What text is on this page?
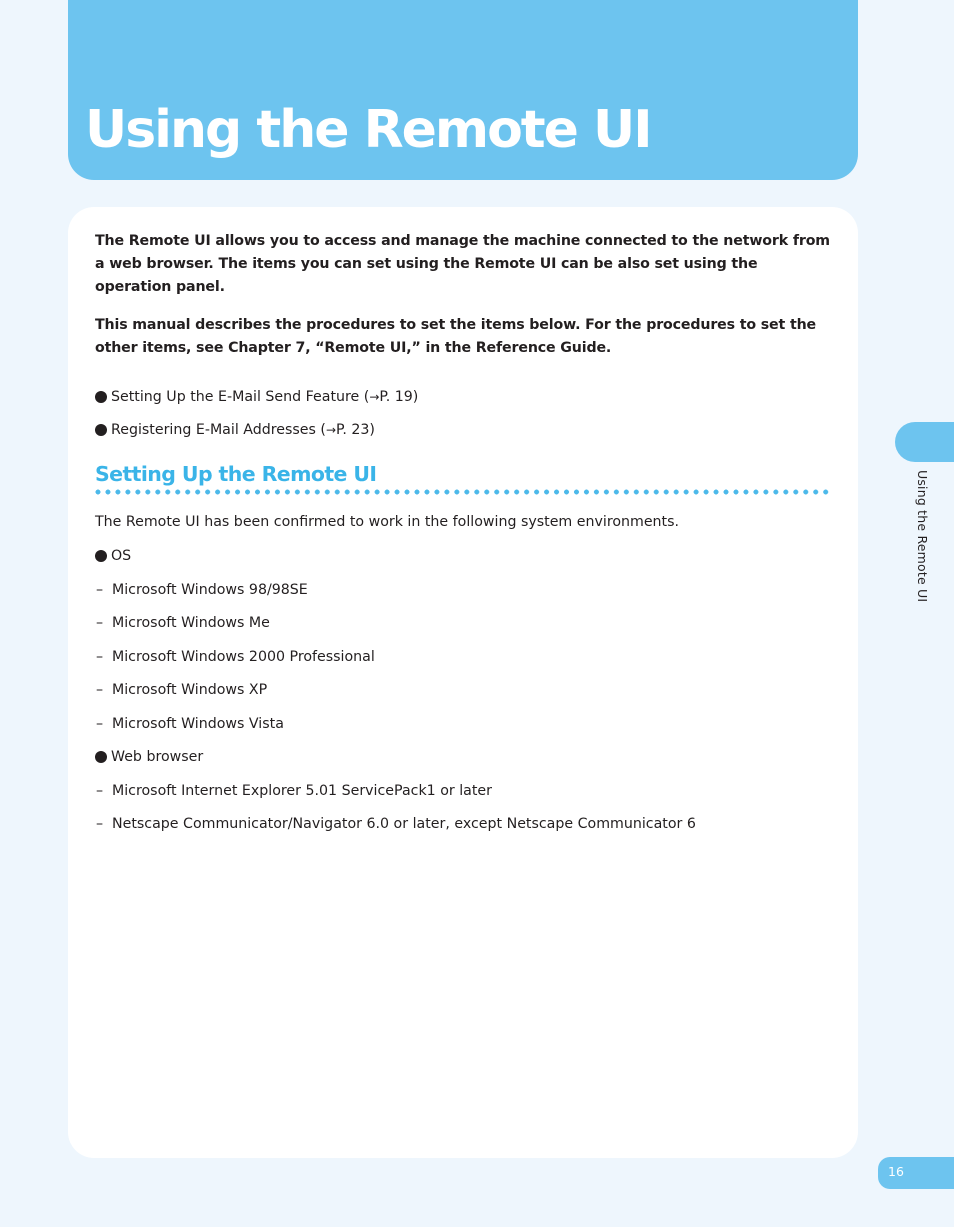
Using the Remote UI

The Remote UI allows you to access and manage the machine connected to the network from a web browser. The items you can set using the Remote UI can be also set using the operation panel.

This manual describes the procedures to set the items below. For the procedures to set the other items, see Chapter 7, “Remote UI,” in the Reference Guide.

Setting Up the E-Mail Send Feature ( → P. 19)
Registering E-Mail Addresses ( → P. 23)
Setting Up the Remote UI
The Remote UI has been confirmed to work in the following system environments.
OS
– Microsoft Windows 98/98SE
– Microsoft Windows Me
– Microsoft Windows 2000 Professional
– Microsoft Windows XP
– Microsoft Windows Vista
Web browser
– Microsoft Internet Explorer 5.01 ServicePack1 or later
– Netscape Communicator/Navigator 6.0 or later, except Netscape Communicator 6
Using the Remote UI
16
